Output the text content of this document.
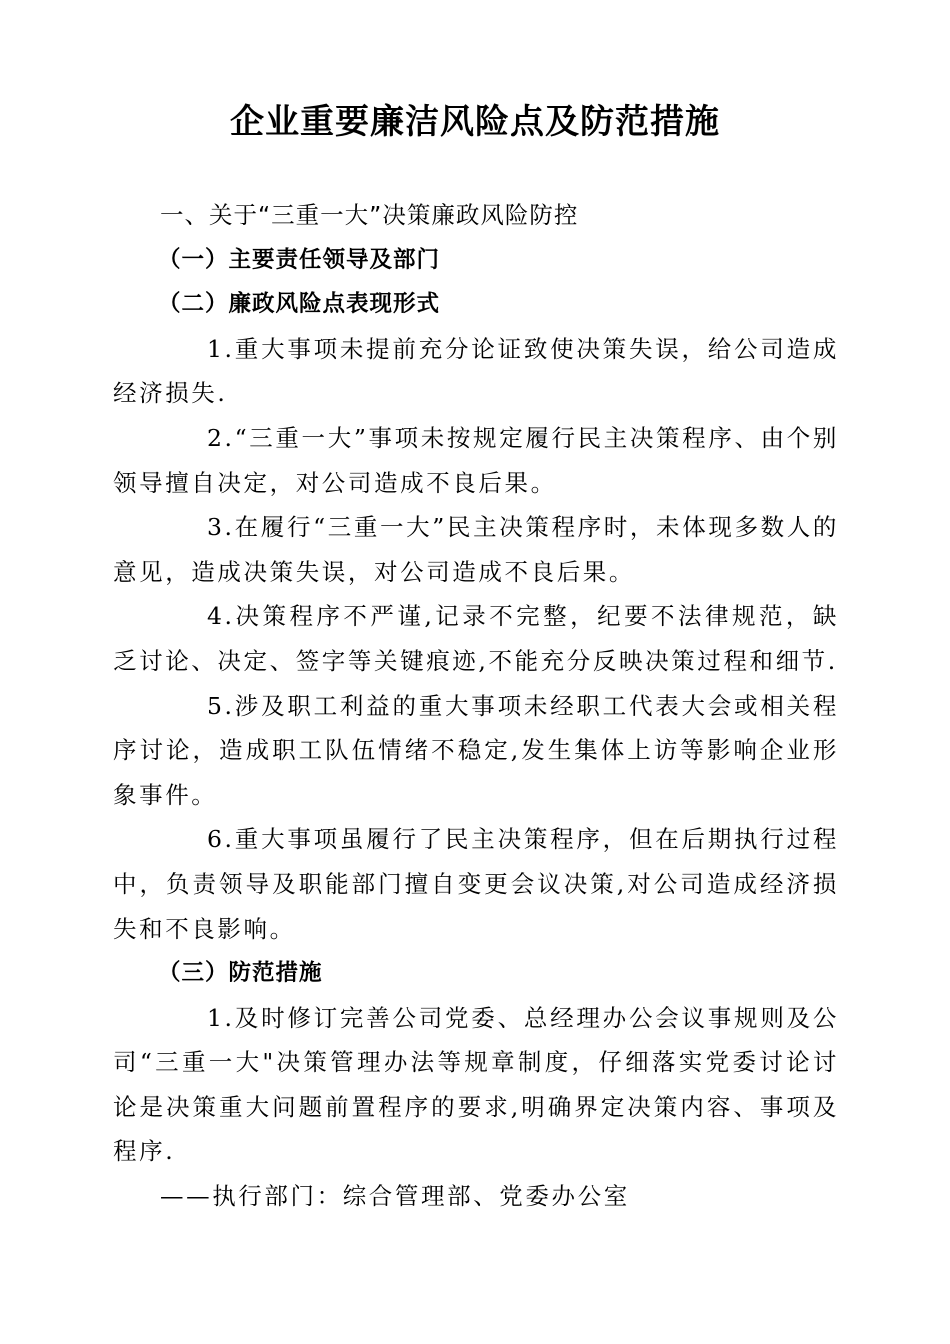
企业重要廉洁风险点及防范措施

一、关于“三重一大”决策廉政风险防控

（一）主要责任领导及部门

（二）廉政风险点表现形式

1.重大事项未提前充分论证致使决策失误，给公司造成经济损失.

2.“三重一大”事项未按规定履行民主决策程序、由个别领导擅自决定，对公司造成不良后果。

3.在履行“三重一大”民主决策程序时，未体现多数人的意见，造成决策失误，对公司造成不良后果。

4.决策程序不严谨,记录不完整，纪要不法律规范，缺乏讨论、决定、签字等关键痕迹,不能充分反映决策过程和细节.

5.涉及职工利益的重大事项未经职工代表大会或相关程序讨论，造成职工队伍情绪不稳定,发生集体上访等影响企业形象事件。

6.重大事项虽履行了民主决策程序，但在后期执行过程中，负责领导及职能部门擅自变更会议决策,对公司造成经济损失和不良影响。

（三）防范措施

1.及时修订完善公司党委、总经理办公会议事规则及公司“三重一大"决策管理办法等规章制度，仔细落实党委讨论讨论是决策重大问题前置程序的要求,明确界定决策内容、事项及程序.

——执行部门：综合管理部、党委办公室
